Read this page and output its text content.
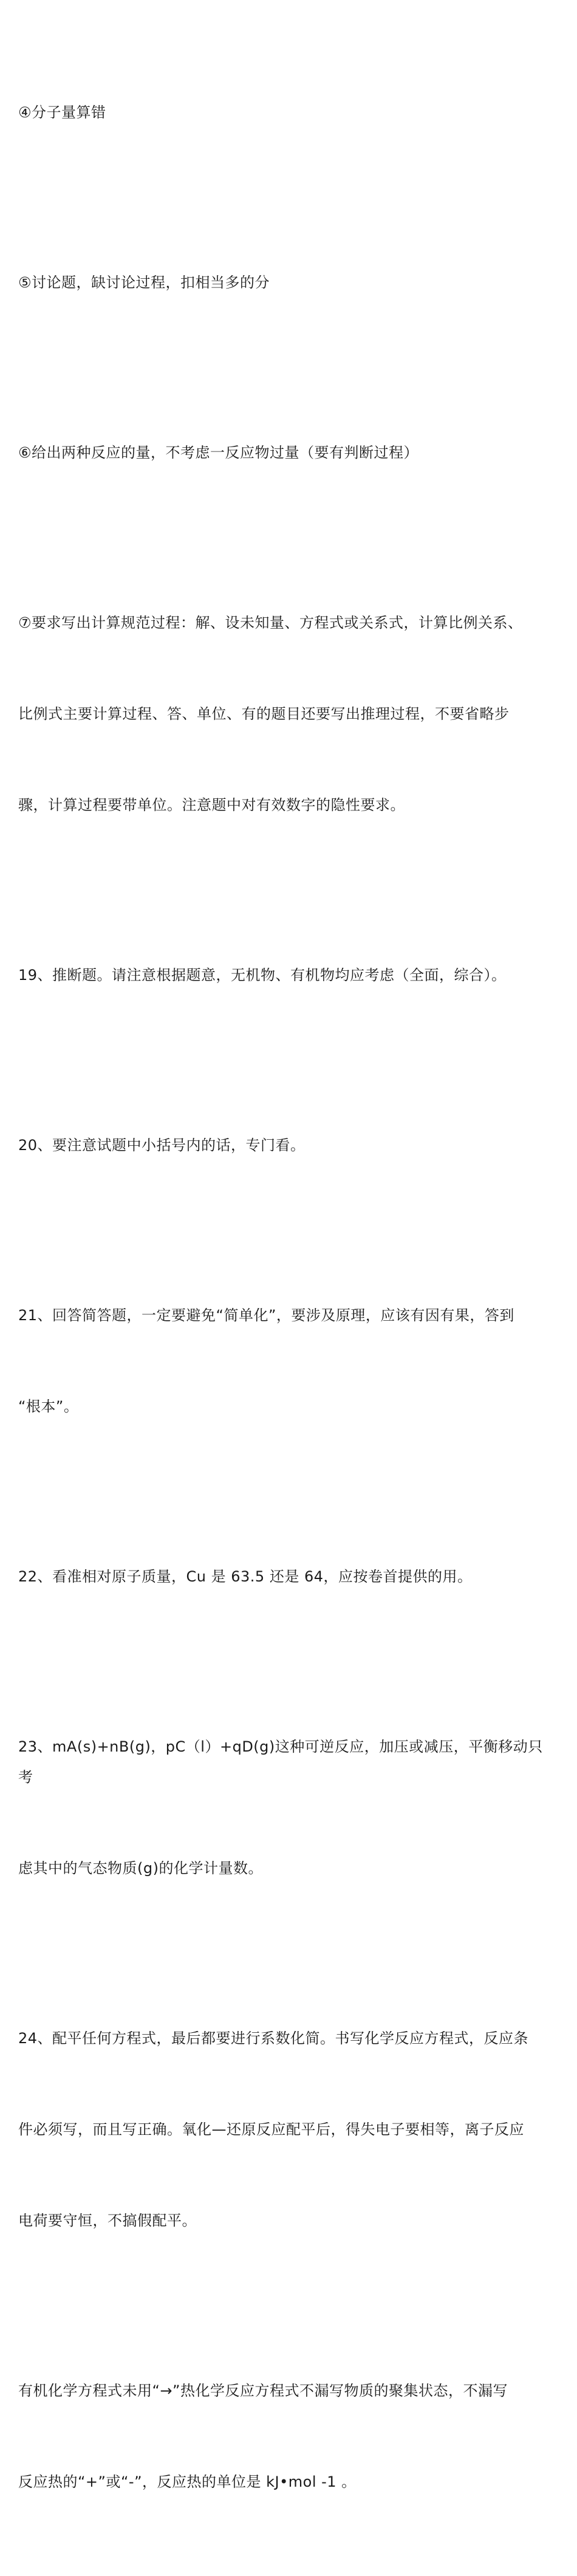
④分子量算错

⑤讨论题，缺讨论过程，扣相当多的分

⑥给出两种反应的量，不考虑一反应物过量（要有判断过程）

⑦要求写出计算规范过程：解、设未知量、方程式或关系式，计算比例关系、

比例式主要计算过程、答、单位、有的题目还要写出推理过程，不要省略步

骤，计算过程要带单位。注意题中对有效数字的隐性要求。

19、推断题。请注意根据题意，无机物、有机物均应考虑（全面，综合）。

20、要注意试题中小括号内的话，专门看。

21、回答简答题，一定要避免“简单化”，要涉及原理，应该有因有果，答到

“根本”。

22、看准相对原子质量，Cu 是 63.5 还是 64，应按卷首提供的用。

23、mA(s)+nB(g)，pC（l）+qD(g)这种可逆反应，加压或减压，平衡移动只考

虑其中的气态物质(g)的化学计量数。

24、配平任何方程式，最后都要进行系数化简。书写化学反应方程式，反应条

件必须写，而且写正确。氧化—还原反应配平后，得失电子要相等，离子反应

电荷要守恒，不搞假配平。

有机化学方程式未用“→”热化学反应方程式不漏写物质的聚集状态，不漏写

反应热的“+”或“-”，反应热的单位是 kJ•mol -1 。
